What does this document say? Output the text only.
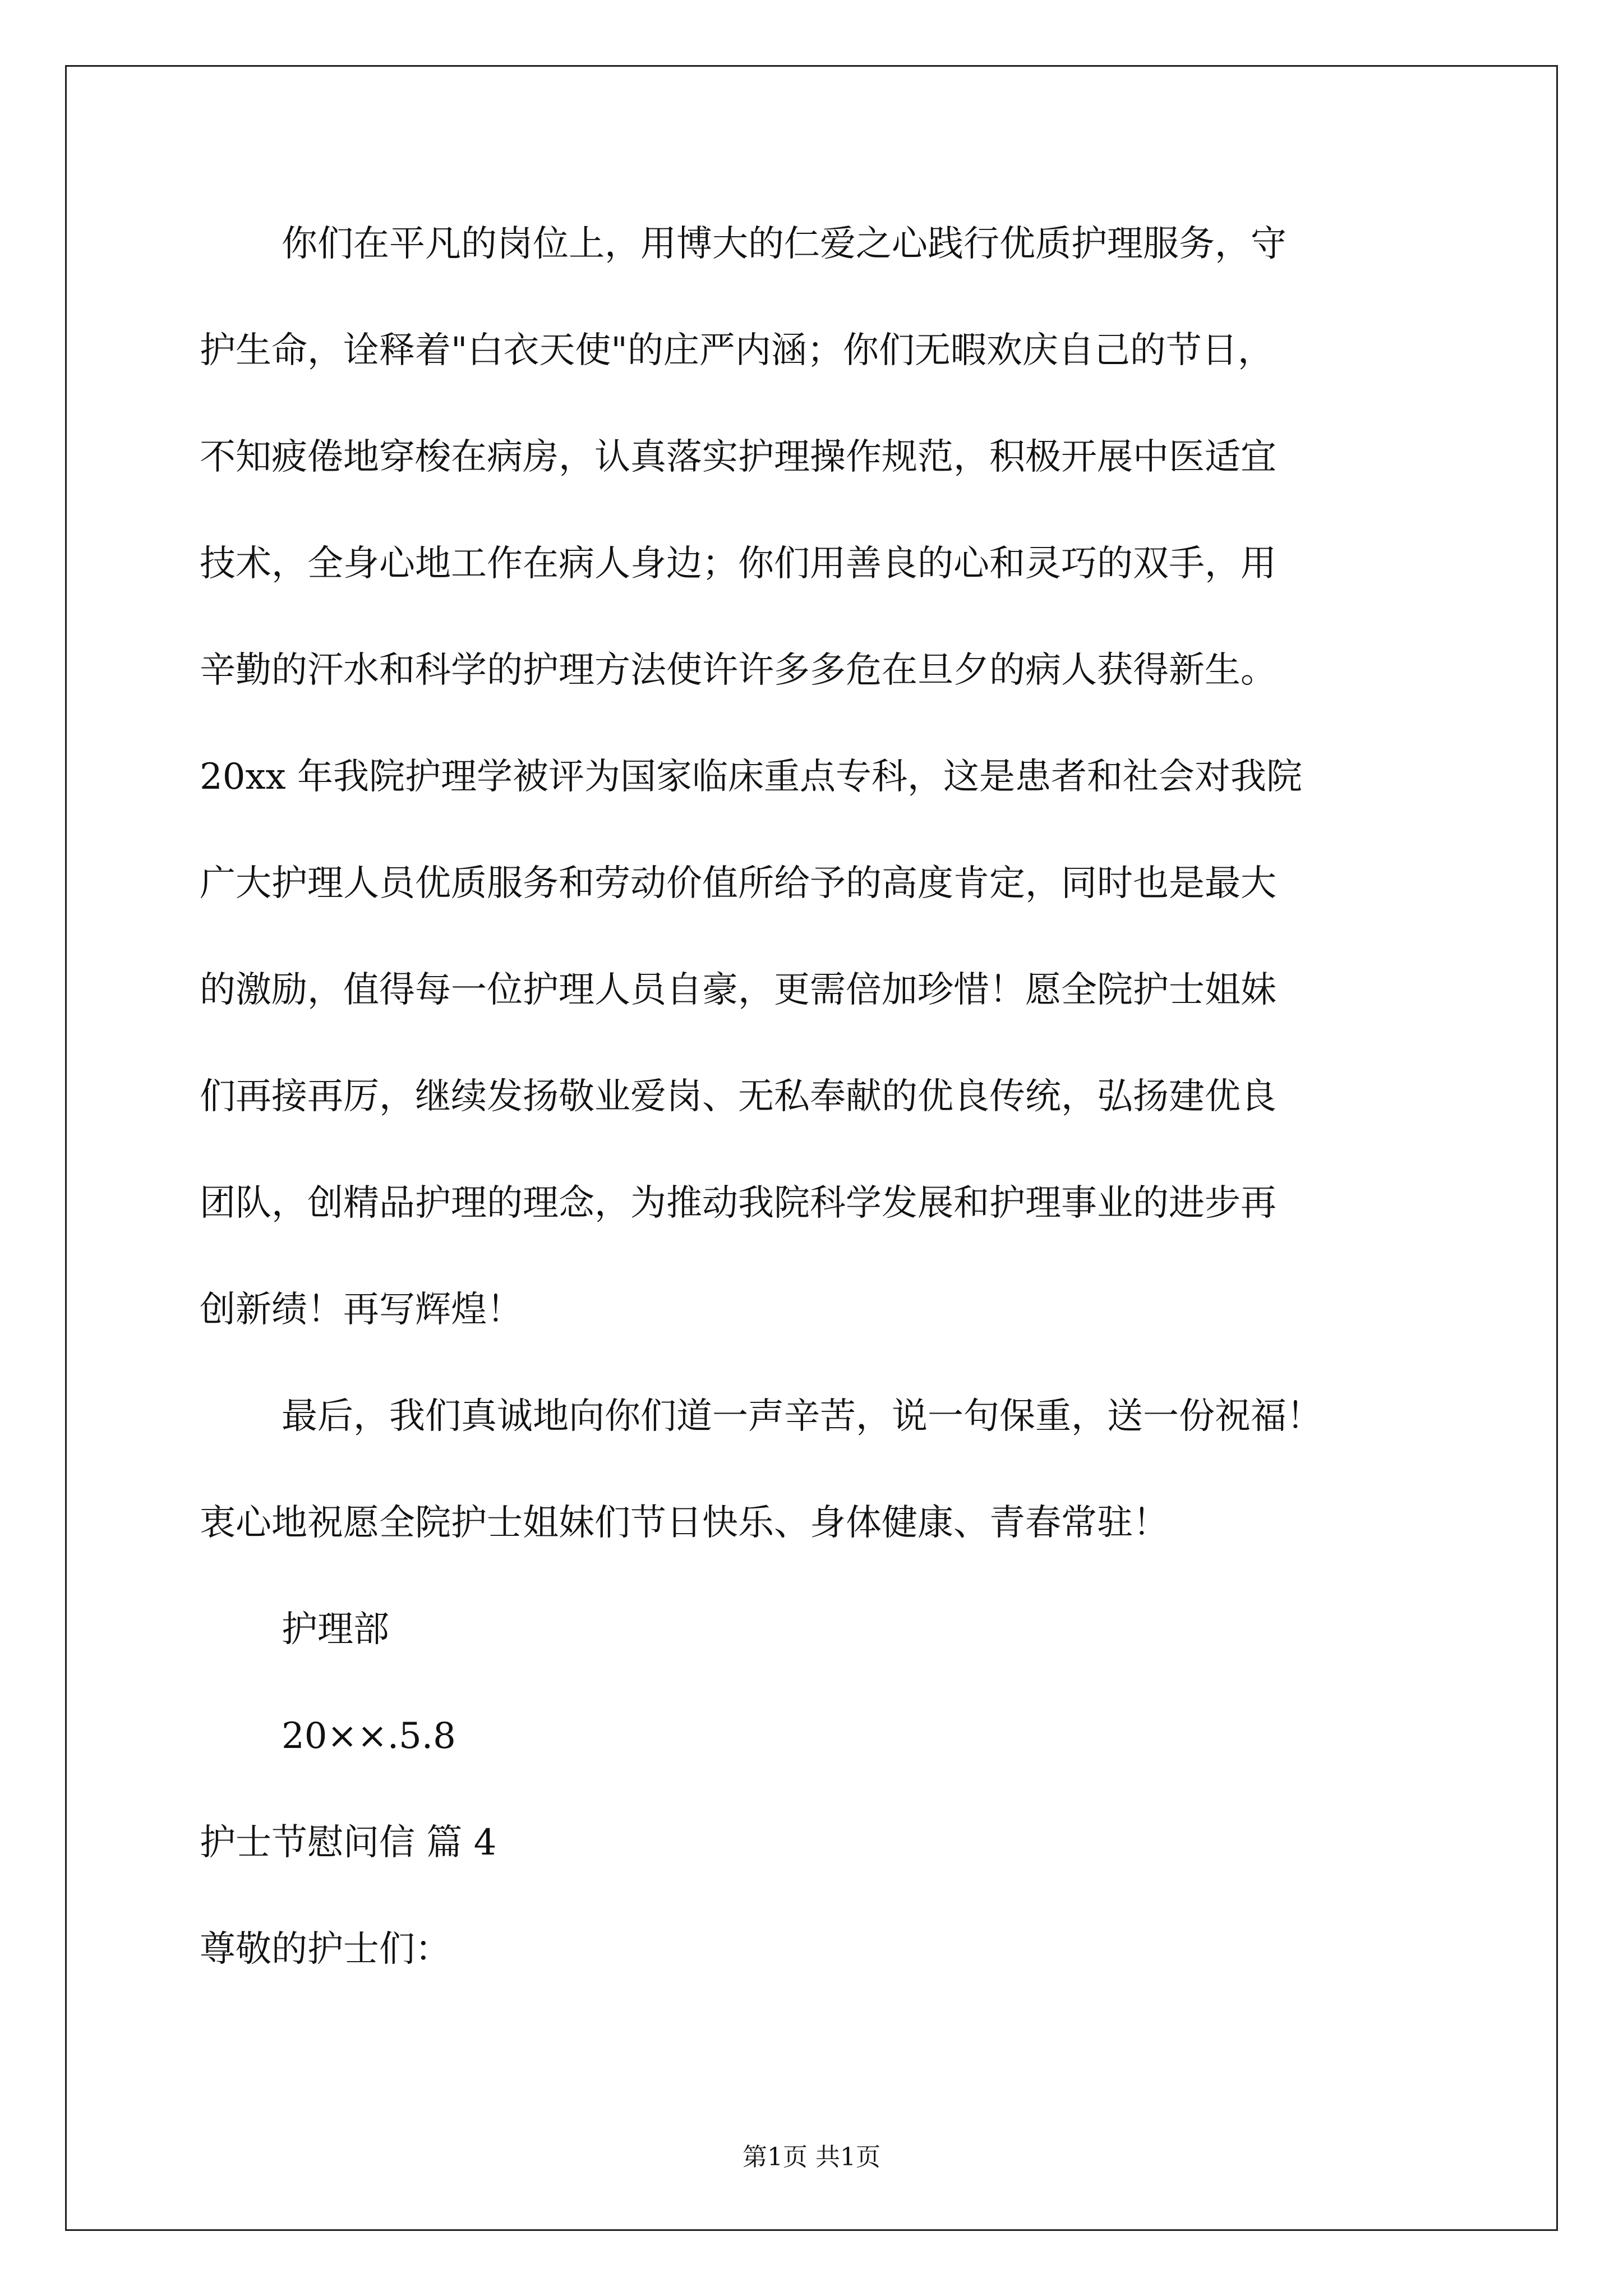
你们在平凡的岗位上，用博大的仁爱之心践行优质护理服务，守
护生命，诠释着"白衣天使"的庄严内涵；你们无暇欢庆自己的节日，
不知疲倦地穿梭在病房，认真落实护理操作规范，积极开展中医适宜
技术，全身心地工作在病人身边；你们用善良的心和灵巧的双手，用
辛勤的汗水和科学的护理方法使许许多多危在旦夕的病人获得新生。
20xx 年我院护理学被评为国家临床重点专科，这是患者和社会对我院
广大护理人员优质服务和劳动价值所给予的高度肯定，同时也是最大
的激励，值得每一位护理人员自豪，更需倍加珍惜！愿全院护士姐妹
们再接再厉，继续发扬敬业爱岗、无私奉献的优良传统，弘扬建优良
团队，创精品护理的理念，为推动我院科学发展和护理事业的进步再
创新绩！再写辉煌！
最后，我们真诚地向你们道一声辛苦，说一句保重，送一份祝福！
衷心地祝愿全院护士姐妹们节日快乐、身体健康、青春常驻！
护理部
20××.5.8
护士节慰问信 篇 4
尊敬的护士们：
第1页 共1页
